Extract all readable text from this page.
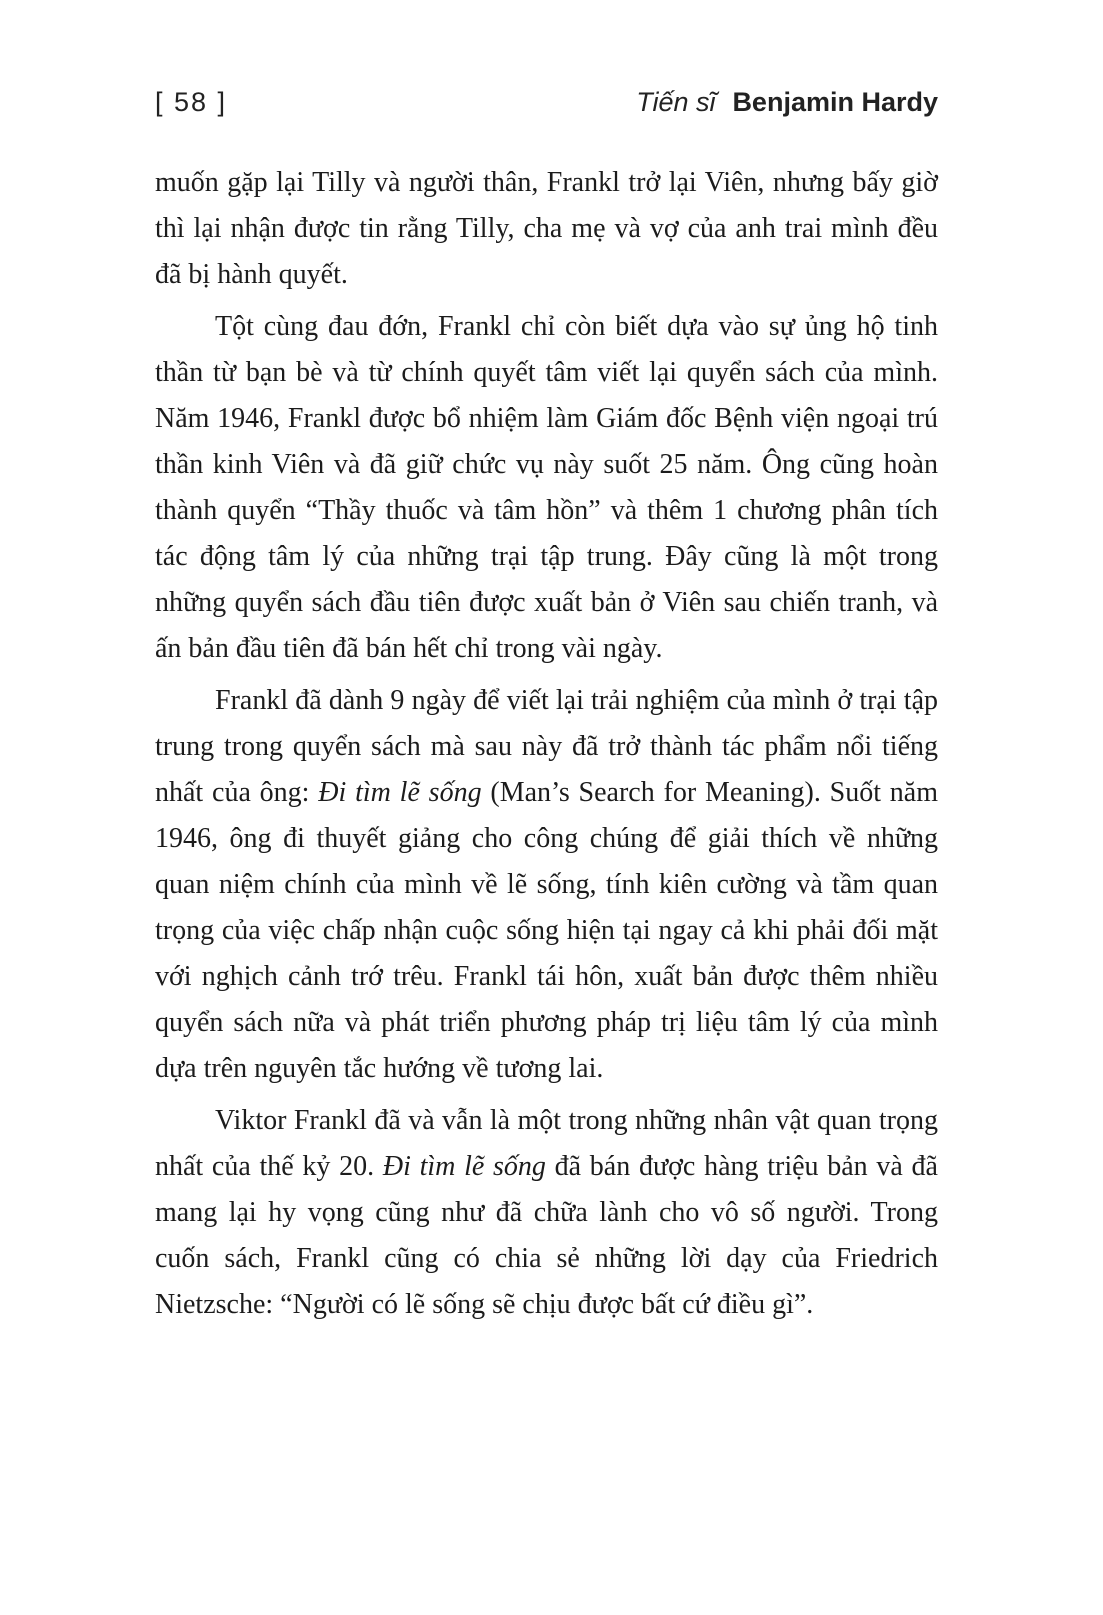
[ 58 ]	Tiến sĩ Benjamin Hardy

muốn gặp lại Tilly và người thân, Frankl trở lại Viên, nhưng bấy giờ thì lại nhận được tin rằng Tilly, cha mẹ và vợ của anh trai mình đều đã bị hành quyết.

Tột cùng đau đớn, Frankl chỉ còn biết dựa vào sự ủng hộ tinh thần từ bạn bè và từ chính quyết tâm viết lại quyển sách của mình. Năm 1946, Frankl được bổ nhiệm làm Giám đốc Bệnh viện ngoại trú thần kinh Viên và đã giữ chức vụ này suốt 25 năm. Ông cũng hoàn thành quyển “Thầy thuốc và tâm hồn” và thêm 1 chương phân tích tác động tâm lý của những trại tập trung. Đây cũng là một trong những quyển sách đầu tiên được xuất bản ở Viên sau chiến tranh, và ấn bản đầu tiên đã bán hết chỉ trong vài ngày.

Frankl đã dành 9 ngày để viết lại trải nghiệm của mình ở trại tập trung trong quyển sách mà sau này đã trở thành tác phẩm nổi tiếng nhất của ông: Đi tìm lẽ sống (Man’s Search for Meaning). Suốt năm 1946, ông đi thuyết giảng cho công chúng để giải thích về những quan niệm chính của mình về lẽ sống, tính kiên cường và tầm quan trọng của việc chấp nhận cuộc sống hiện tại ngay cả khi phải đối mặt với nghịch cảnh trớ trêu. Frankl tái hôn, xuất bản được thêm nhiều quyển sách nữa và phát triển phương pháp trị liệu tâm lý của mình dựa trên nguyên tắc hướng về tương lai.

Viktor Frankl đã và vẫn là một trong những nhân vật quan trọng nhất của thế kỷ 20. Đi tìm lẽ sống đã bán được hàng triệu bản và đã mang lại hy vọng cũng như đã chữa lành cho vô số người. Trong cuốn sách, Frankl cũng có chia sẻ những lời dạy của Friedrich Nietzsche: “Người có lẽ sống sẽ chịu được bất cứ điều gì”.
